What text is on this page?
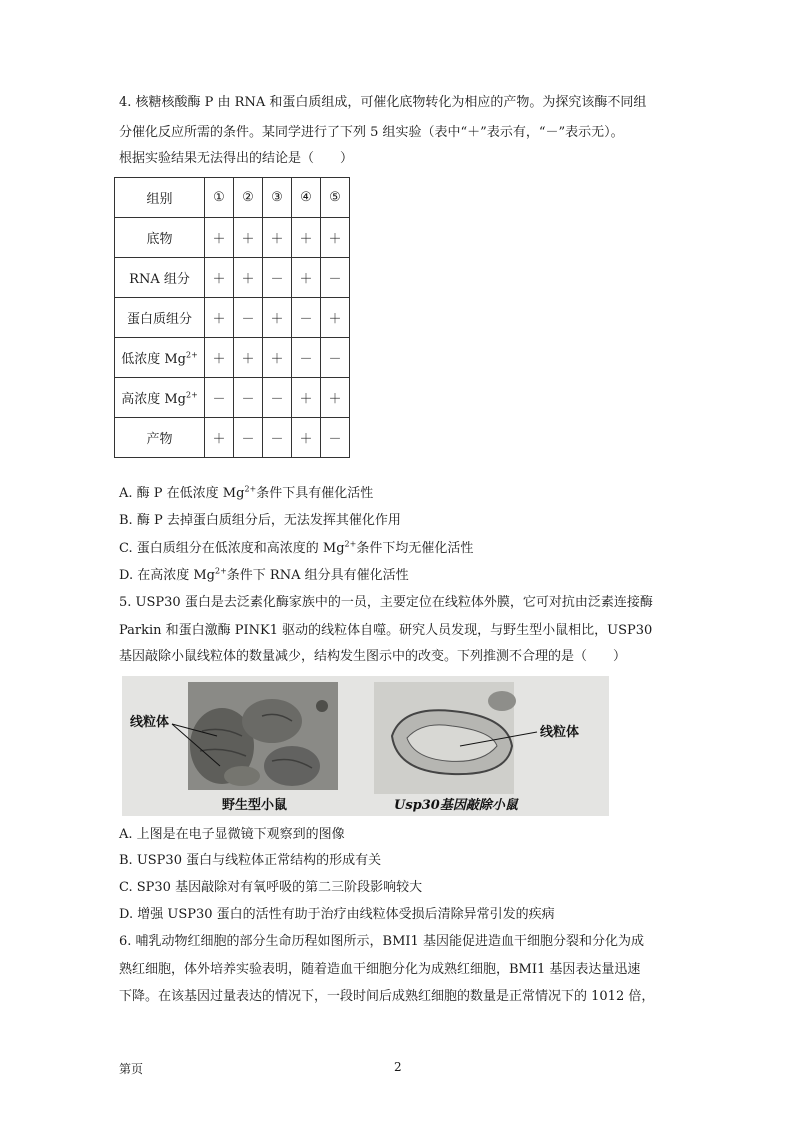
4. 核糖核酸酶 P 由 RNA 和蛋白质组成，可催化底物转化为相应的产物。为探究该酶不同组
分催化反应所需的条件。某同学进行了下列 5 组实验（表中“＋”表示有，“－”表示无）。
根据实验结果无法得出的结论是（　　）
组别	①	②	③	④	⑤
底物	＋	＋	＋	＋	＋
RNA 组分	＋	＋	－	＋	－
蛋白质组分	＋	－	＋	－	＋
低浓度 $Mg^{2+}$	＋	＋	＋	－	－
高浓度 $Mg^{2+}$	－	－	－	＋	＋
产物	＋	－	－	＋	－
A. 酶 P 在低浓度 $Mg^{2+}$条件下具有催化活性
B. 酶 P 去掉蛋白质组分后，无法发挥其催化作用
C. 蛋白质组分在低浓度和高浓度的 $Mg^{2+}$条件下均无催化活性
D. 在高浓度 $Mg^{2+}$条件下 RNA 组分具有催化活性
5. USP30 蛋白是去泛素化酶家族中的一员，主要定位在线粒体外膜，它可对抗由泛素连接酶
Parkin 和蛋白激酶 PINK1 驱动的线粒体自噬。研究人员发现，与野生型小鼠相比，USP30
基因敲除小鼠线粒体的数量减少，结构发生图示中的改变。下列推测不合理的是（　　）
线粒体
线粒体
野生型小鼠	Usp30基因敲除小鼠
A. 上图是在电子显微镜下观察到的图像
B. USP30 蛋白与线粒体正常结构的形成有关
C. SP30 基因敲除对有氧呼吸的第二三阶段影响较大
D. 增强 USP30 蛋白的活性有助于治疗由线粒体受损后清除异常引发的疾病
6. 哺乳动物红细胞的部分生命历程如图所示，BMI1 基因能促进造血干细胞分裂和分化为成
熟红细胞，体外培养实验表明，随着造血干细胞分化为成熟红细胞，BMI1 基因表达量迅速
下降。在该基因过量表达的情况下，一段时间后成熟红细胞的数量是正常情况下的 1012 倍，
第页	2
